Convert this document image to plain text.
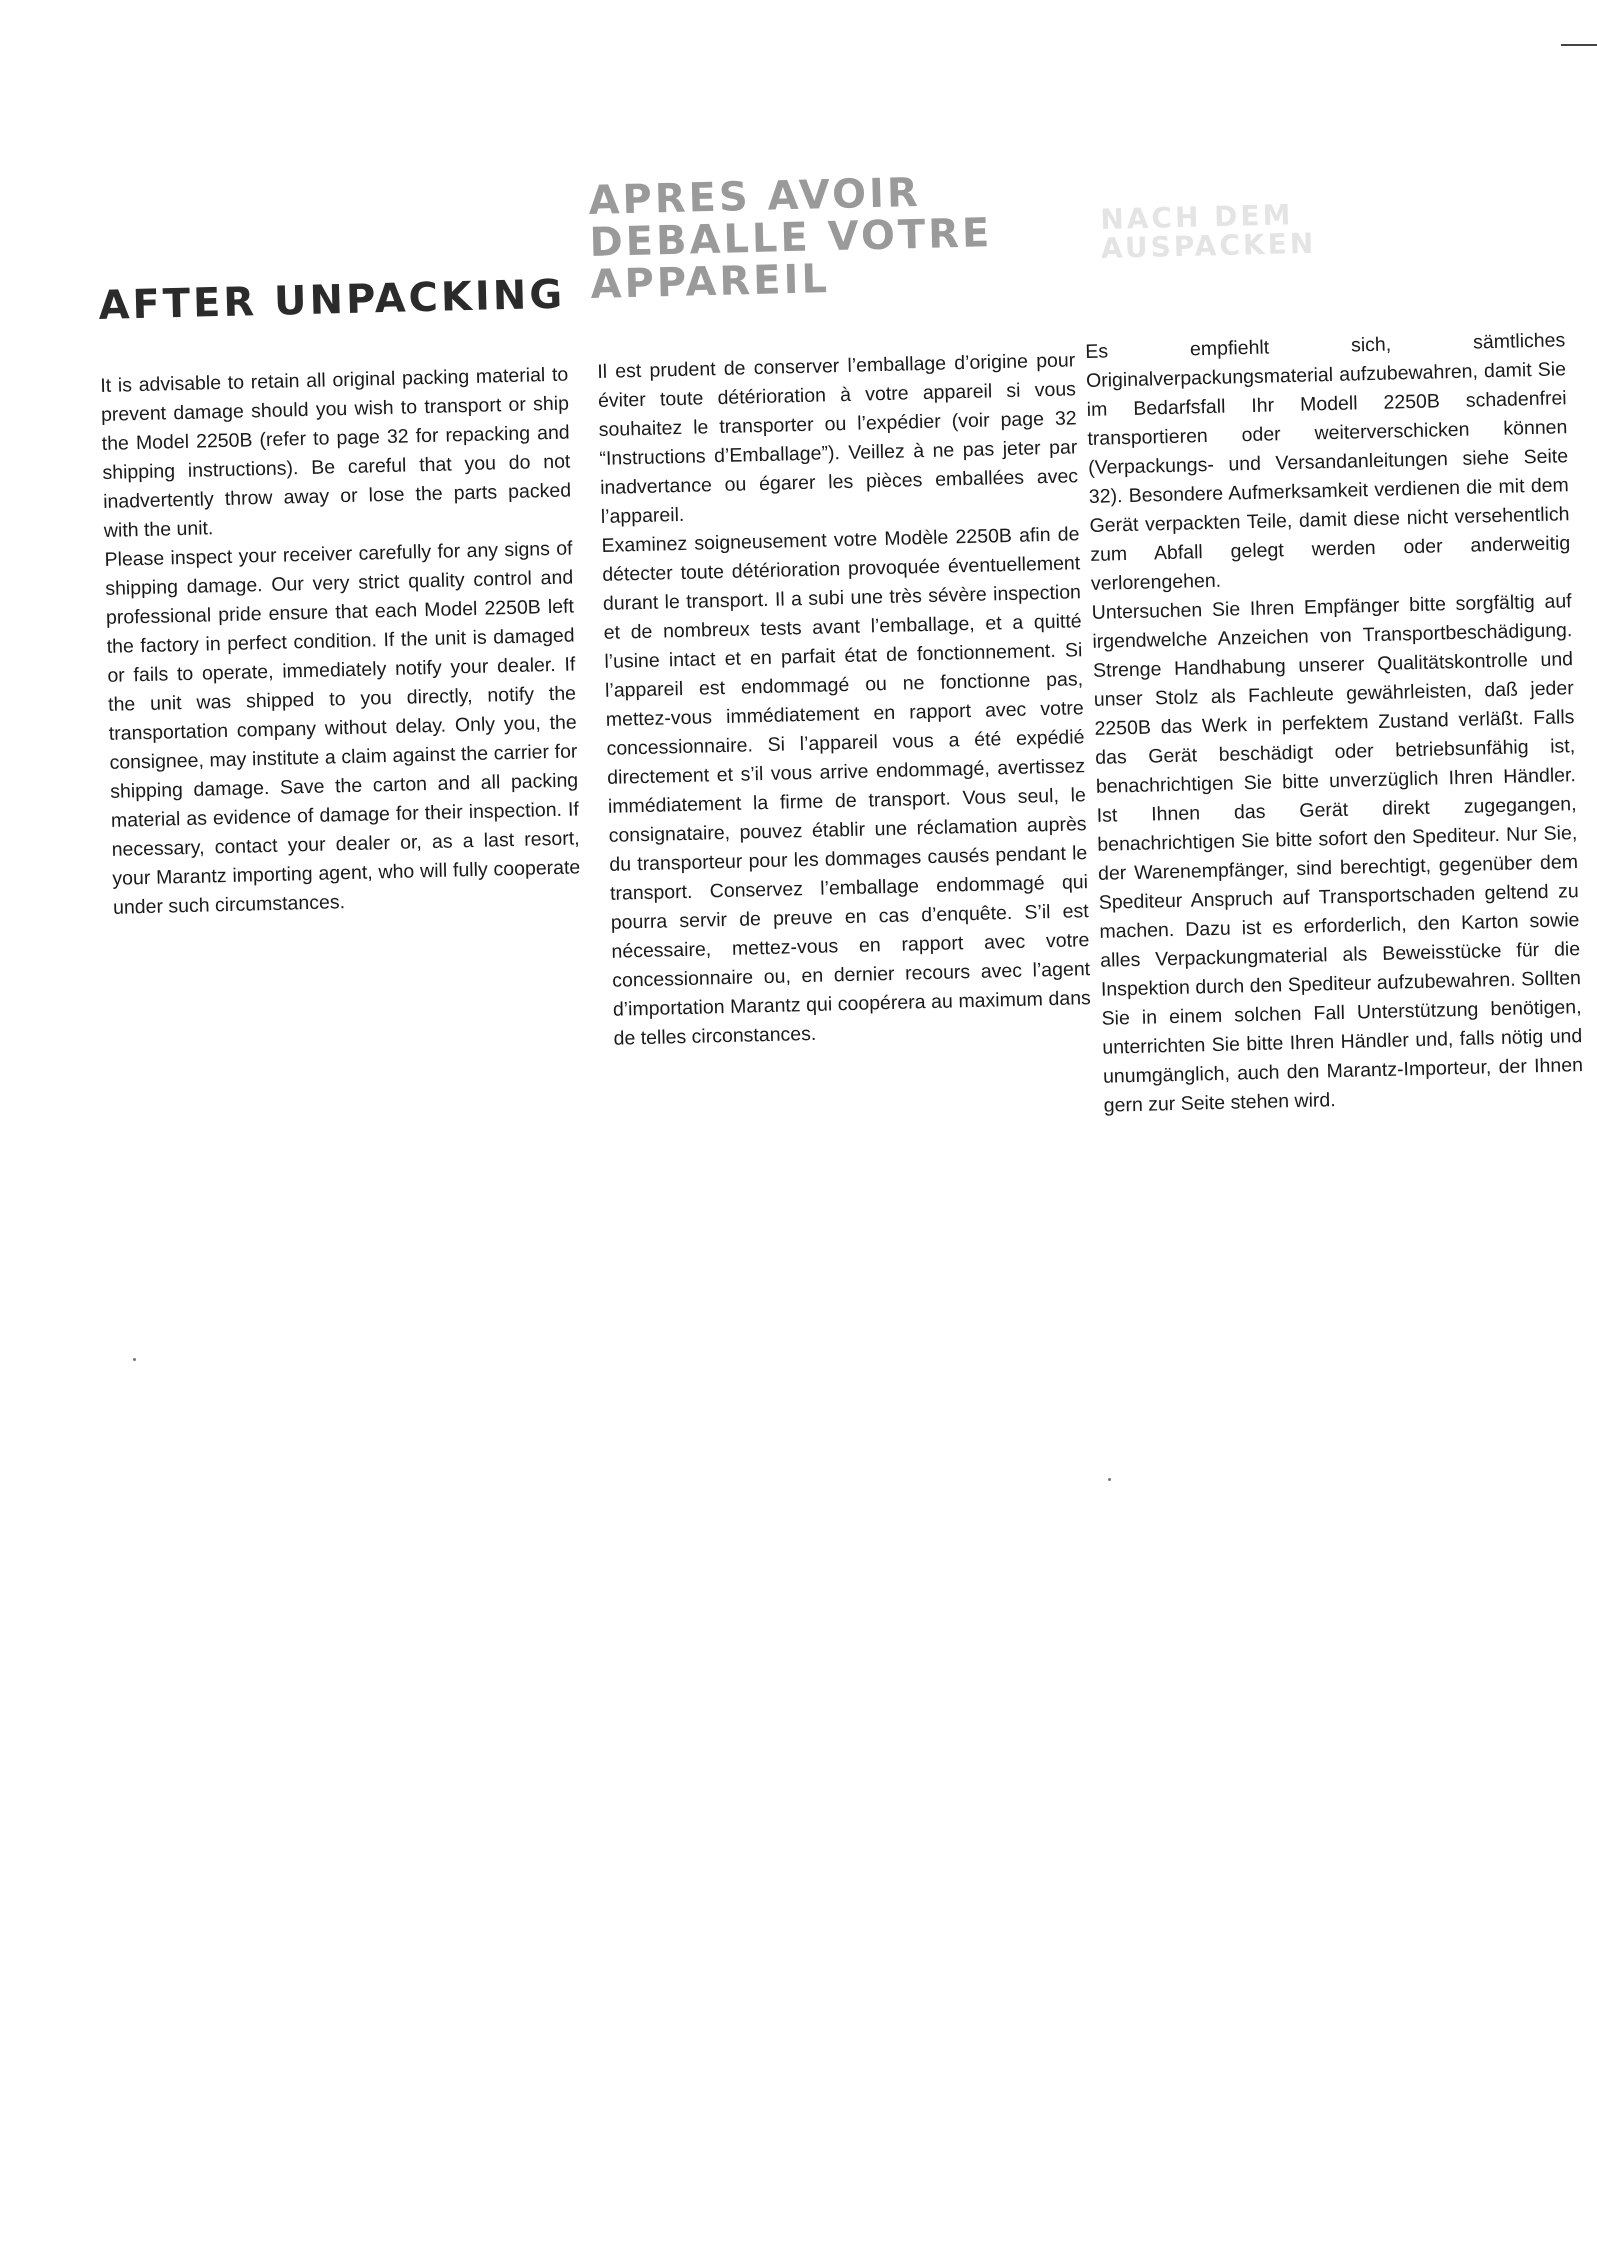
AFTER UNPACKING
APRES AVOIR
DEBALLE VOTRE
APPAREIL
NACH DEM
AUSPACKEN

It is advisable to retain all original packing material to prevent damage should you wish to transport or ship the Model 2250B (refer to page 32 for repacking and shipping instructions). Be careful that you do not inadvertently throw away or lose the parts packed with the unit.

Please inspect your receiver carefully for any signs of shipping damage. Our very strict quality control and professional pride ensure that each Model 2250B left the factory in perfect condition. If the unit is damaged or fails to operate, immediately notify your dealer. If the unit was shipped to you directly, notify the transportation company without delay. Only you, the consignee, may institute a claim against the carrier for shipping damage. Save the carton and all packing material as evidence of damage for their inspection. If necessary, contact your dealer or, as a last resort, your Marantz importing agent, who will fully cooperate under such circumstances.

Il est prudent de conserver l’emballage d’origine pour éviter toute détérioration à votre appareil si vous souhaitez le transporter ou l’expédier (voir page 32 “Instructions d’Emballage”). Veillez à ne pas jeter par inadvertance ou égarer les pièces emballées avec l’appareil.

Examinez soigneusement votre Modèle 2250B afin de détecter toute détérioration provoquée éventuellement durant le transport. Il a subi une très sévère inspection et de nombreux tests avant l’emballage, et a quitté l’usine intact et en parfait état de fonctionnement. Si l’appareil est endommagé ou ne fonctionne pas, mettez-vous immédiatement en rapport avec votre concessionnaire. Si l’appareil vous a été expédié directement et s’il vous arrive endommagé, avertissez immédiatement la firme de transport. Vous seul, le consignataire, pouvez établir une réclamation auprès du transporteur pour les dommages causés pendant le transport. Conservez l’emballage endommagé qui pourra servir de preuve en cas d’enquête. S’il est nécessaire, mettez-vous en rapport avec votre concessionnaire ou, en dernier recours avec l’agent d’importation Marantz qui coopérera au maximum dans de telles circonstances.

Es empfiehlt sich, sämtliches Originalverpackungsmaterial aufzubewahren, damit Sie im Bedarfsfall Ihr Modell 2250B schadenfrei transportieren oder weiterverschicken können (Verpackungs- und Versandanleitungen siehe Seite 32). Besondere Aufmerksamkeit verdienen die mit dem Gerät verpackten Teile, damit diese nicht versehentlich zum Abfall gelegt werden oder anderweitig verlorengehen.

Untersuchen Sie Ihren Empfänger bitte sorgfältig auf irgendwelche Anzeichen von Transportbeschädigung. Strenge Handhabung unserer Qualitätskontrolle und unser Stolz als Fachleute gewährleisten, daß jeder 2250B das Werk in perfektem Zustand verläßt. Falls das Gerät beschädigt oder betriebsunfähig ist, benachrichtigen Sie bitte unverzüglich Ihren Händler. Ist Ihnen das Gerät direkt zugegangen, benachrichtigen Sie bitte sofort den Spediteur. Nur Sie, der Warenempfänger, sind berechtigt, gegenüber dem Spediteur Anspruch auf Transportschaden geltend zu machen. Dazu ist es erforderlich, den Karton sowie alles Verpackungmaterial als Beweisstücke für die Inspektion durch den Spediteur aufzubewahren. Sollten Sie in einem solchen Fall Unterstützung benötigen, unterrichten Sie bitte Ihren Händler und, falls nötig und unumgänglich, auch den Marantz-Importeur, der Ihnen gern zur Seite stehen wird.
